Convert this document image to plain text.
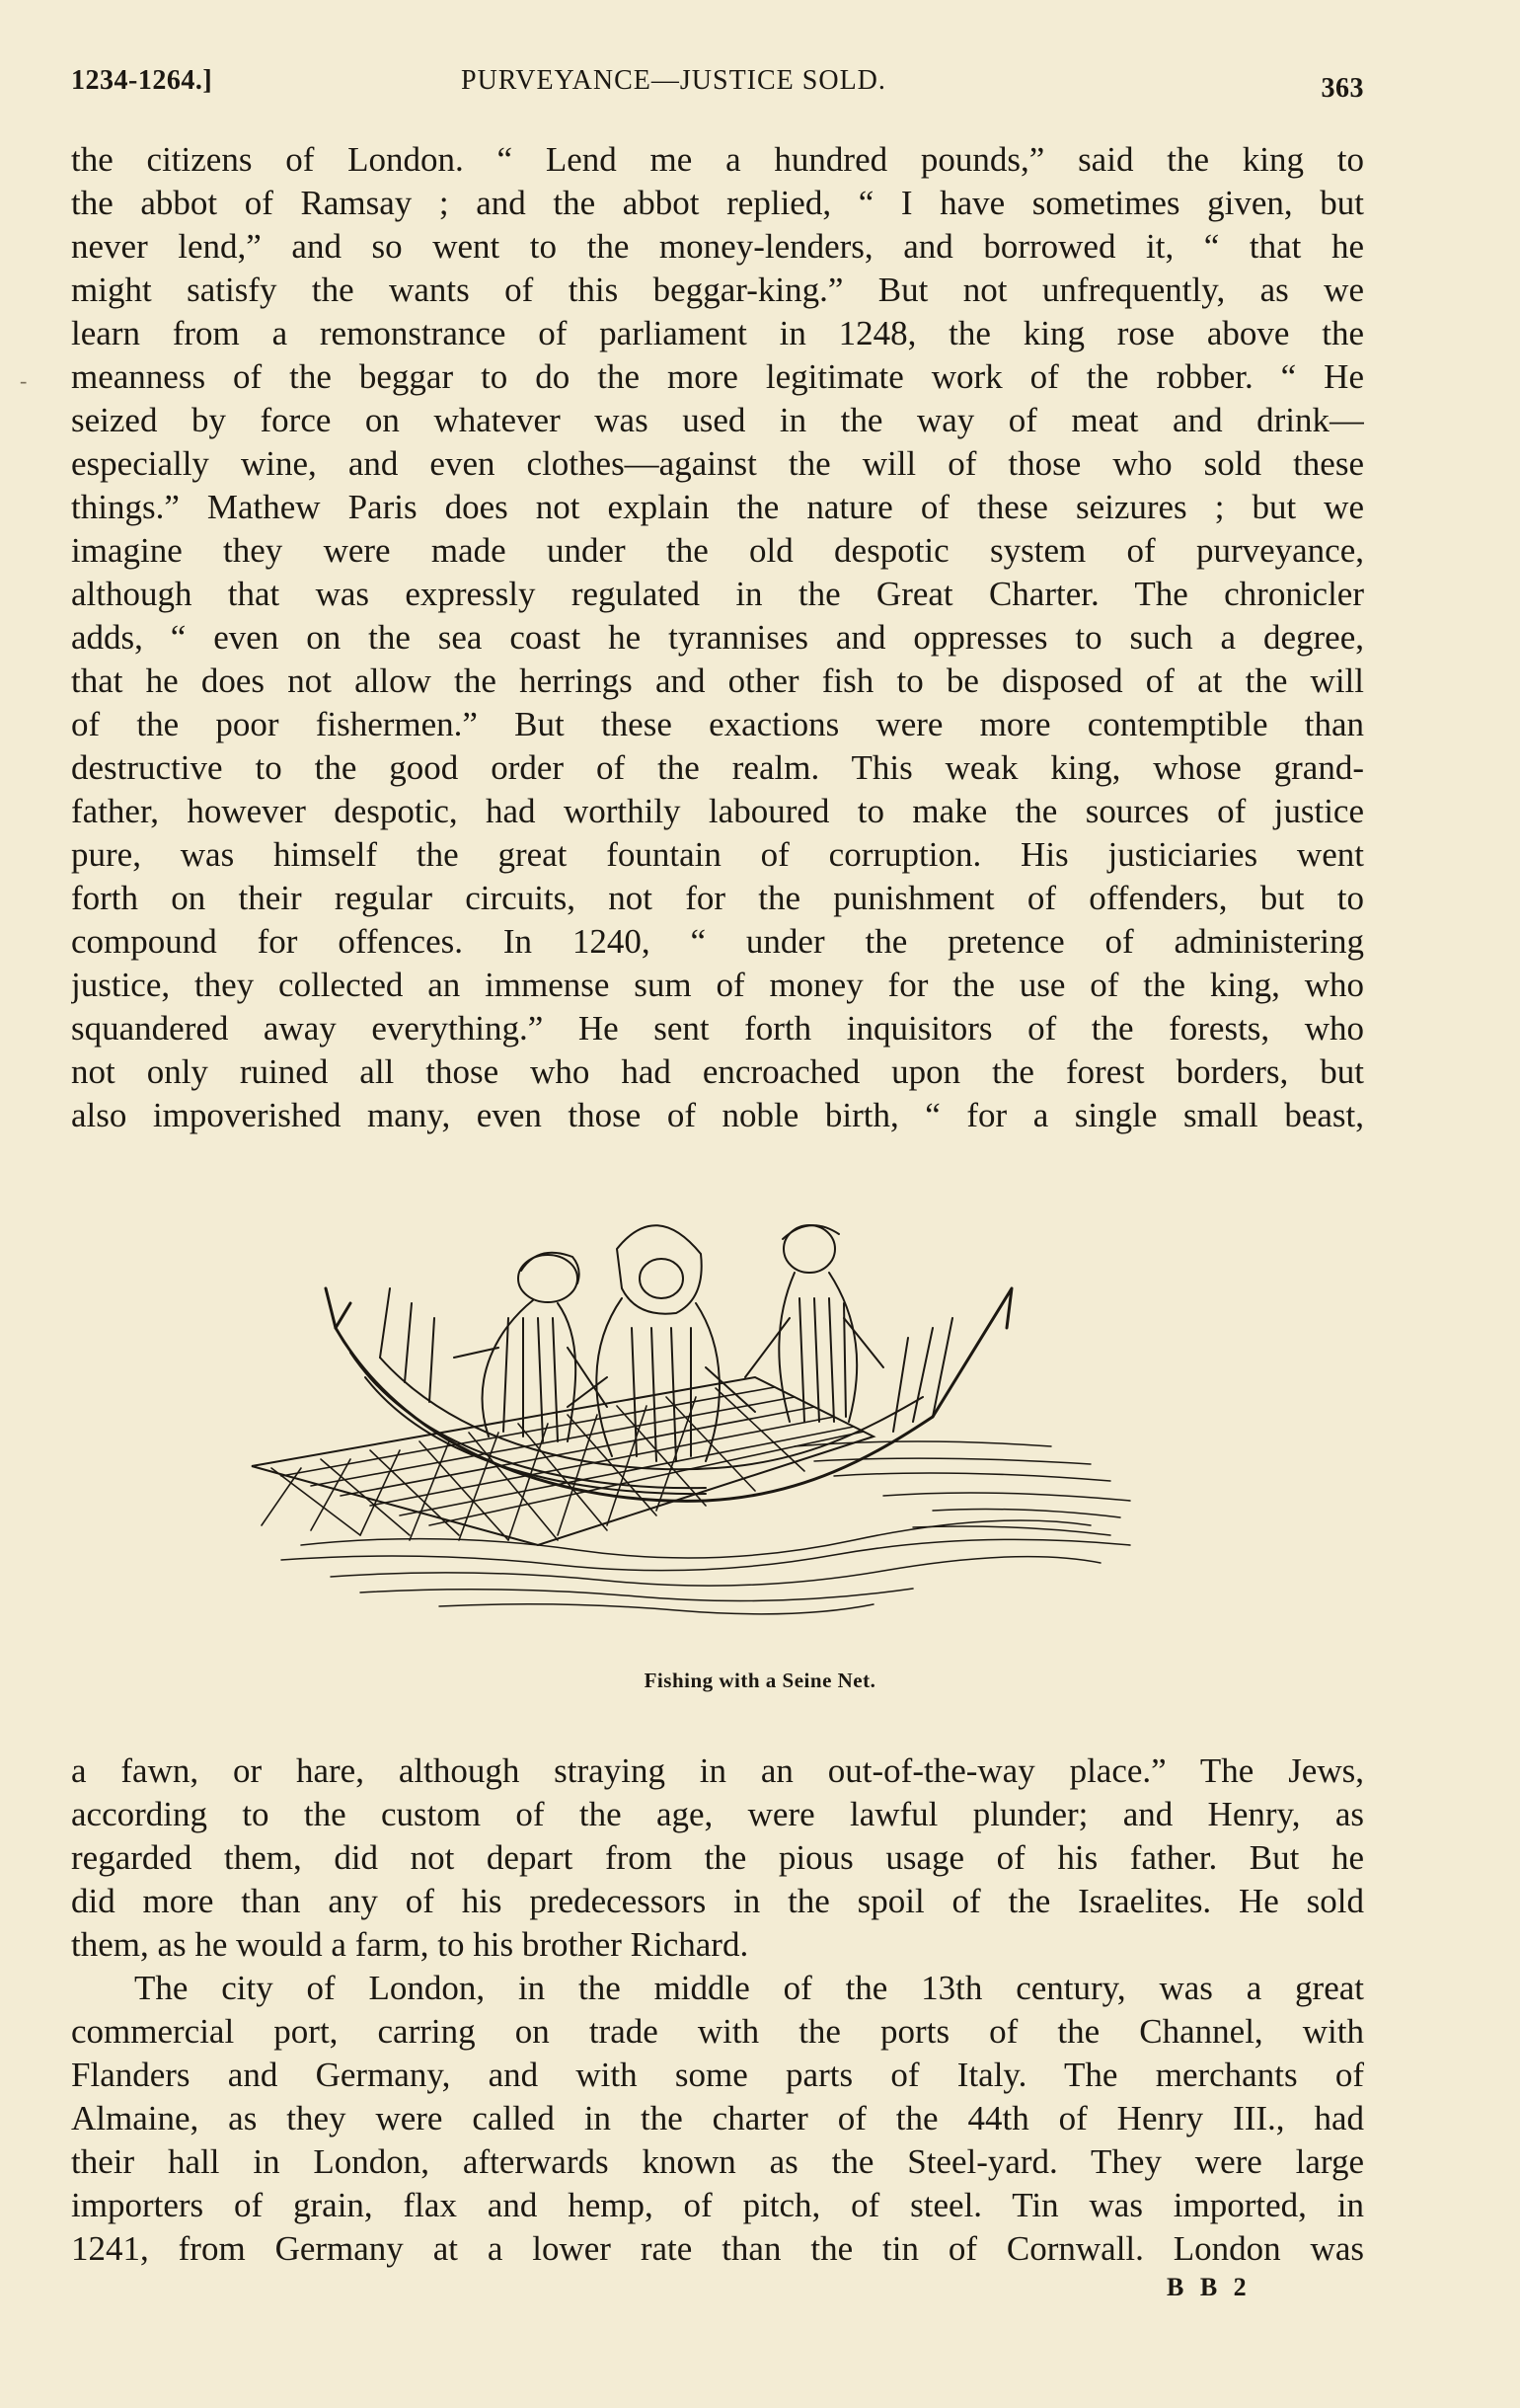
1234-1264.]	PURVEYANCE—JUSTICE SOLD.	363
-
the citizens of London. “ Lend me a hundred pounds,” said the king to
the abbot of Ramsay ; and the abbot replied, “ I have sometimes given, but
never lend,” and so went to the money-lenders, and borrowed it, “ that he
might satisfy the wants of this beggar-king.” But not unfrequently, as we
learn from a remonstrance of parliament in 1248, the king rose above the
meanness of the beggar to do the more legitimate work of the robber. “ He
seized by force on whatever was used in the way of meat and drink—
especially wine, and even clothes—against the will of those who sold these
things.” Mathew Paris does not explain the nature of these seizures ; but we
imagine they were made under the old despotic system of purveyance,
although that was expressly regulated in the Great Charter. The chronicler
adds, “ even on the sea coast he tyrannises and oppresses to such a degree,
that he does not allow the herrings and other fish to be disposed of at the will
of the poor fishermen.” But these exactions were more contemptible than
destructive to the good order of the realm. This weak king, whose grand-
father, however despotic, had worthily laboured to make the sources of justice
pure, was himself the great fountain of corruption. His justiciaries went
forth on their regular circuits, not for the punishment of offenders, but to
compound for offences. In 1240, “ under the pretence of administering
justice, they collected an immense sum of money for the use of the king, who
squandered away everything.” He sent forth inquisitors of the forests, who
not only ruined all those who had encroached upon the forest borders, but
also impoverished many, even those of noble birth, “ for a single small beast,
Fishing with a Seine Net.
a fawn, or hare, although straying in an out-of-the-way place.” The Jews,
according to the custom of the age, were lawful plunder; and Henry, as
regarded them, did not depart from the pious usage of his father. But he
did more than any of his predecessors in the spoil of the Israelites. He sold
them, as he would a farm, to his brother Richard.
The city of London, in the middle of the 13th century, was a great
commercial port, carring on trade with the ports of the Channel, with
Flanders and Germany, and with some parts of Italy. The merchants of
Almaine, as they were called in the charter of the 44th of Henry III., had
their hall in London, afterwards known as the Steel-yard. They were large
importers of grain, flax and hemp, of pitch, of steel. Tin was imported, in
1241, from Germany at a lower rate than the tin of Cornwall. London was
B B 2
